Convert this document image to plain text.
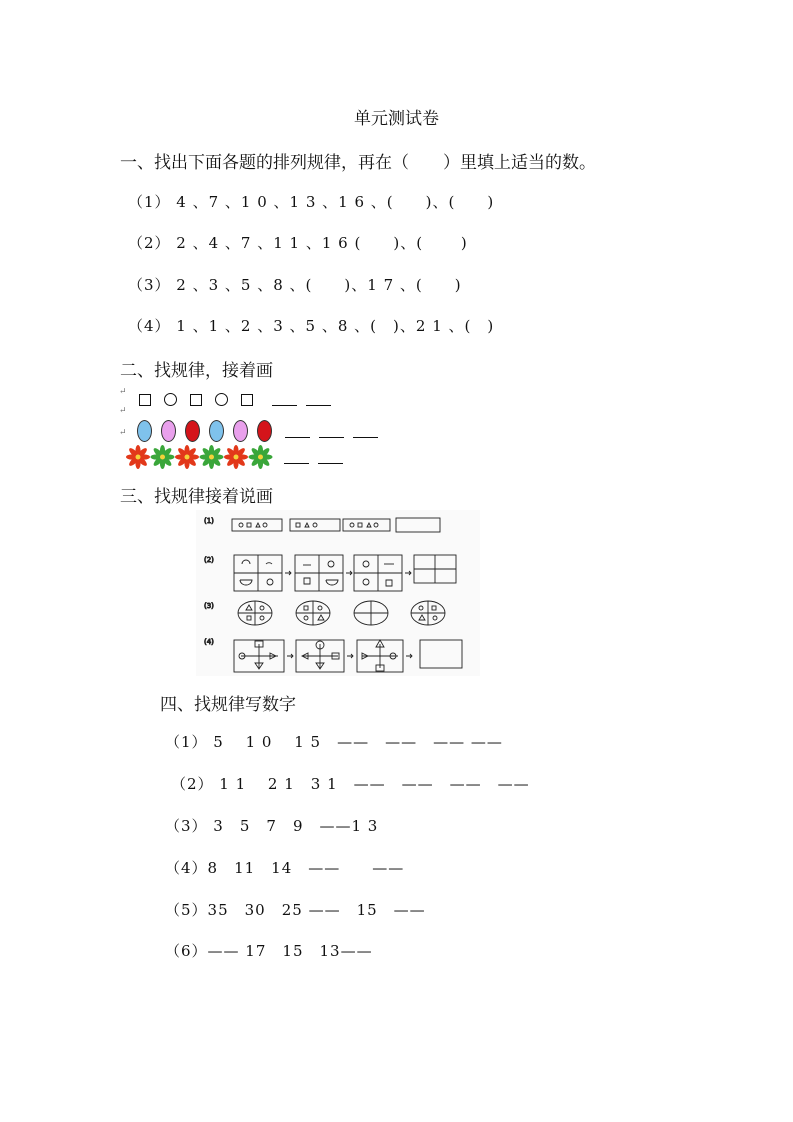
单元测试卷
一、找出下面各题的排列规律，再在（　　）里填上适当的数。
（1） 4 、7 、1 0 、1 3 、1 6 、(　　)、(　　)
（2） 2 、4 、7 、1 1 、1 6 (　　)、(　　 )
（3） 2 、3 、5 、8 、(　　)、1 7 、(　　)
（4） 1 、1 、2 、3 、5 、8 、(　)、2 1 、(　)
二、找规律，接着画
↵
↵
↵
三、找规律接着说画
(1)
(2)
(3)
(4)
四、找规律写数字
（1） 5　 1 0　 1 5　——　——　—— ——
（2） 1 1　 2 1　3 1　——　——　——　——
（3） 3　5　7　9　——1 3
（4）8　11　14　——　　——
（5）35　30　25 ——　15　——
（6）—— 17　15　13——
